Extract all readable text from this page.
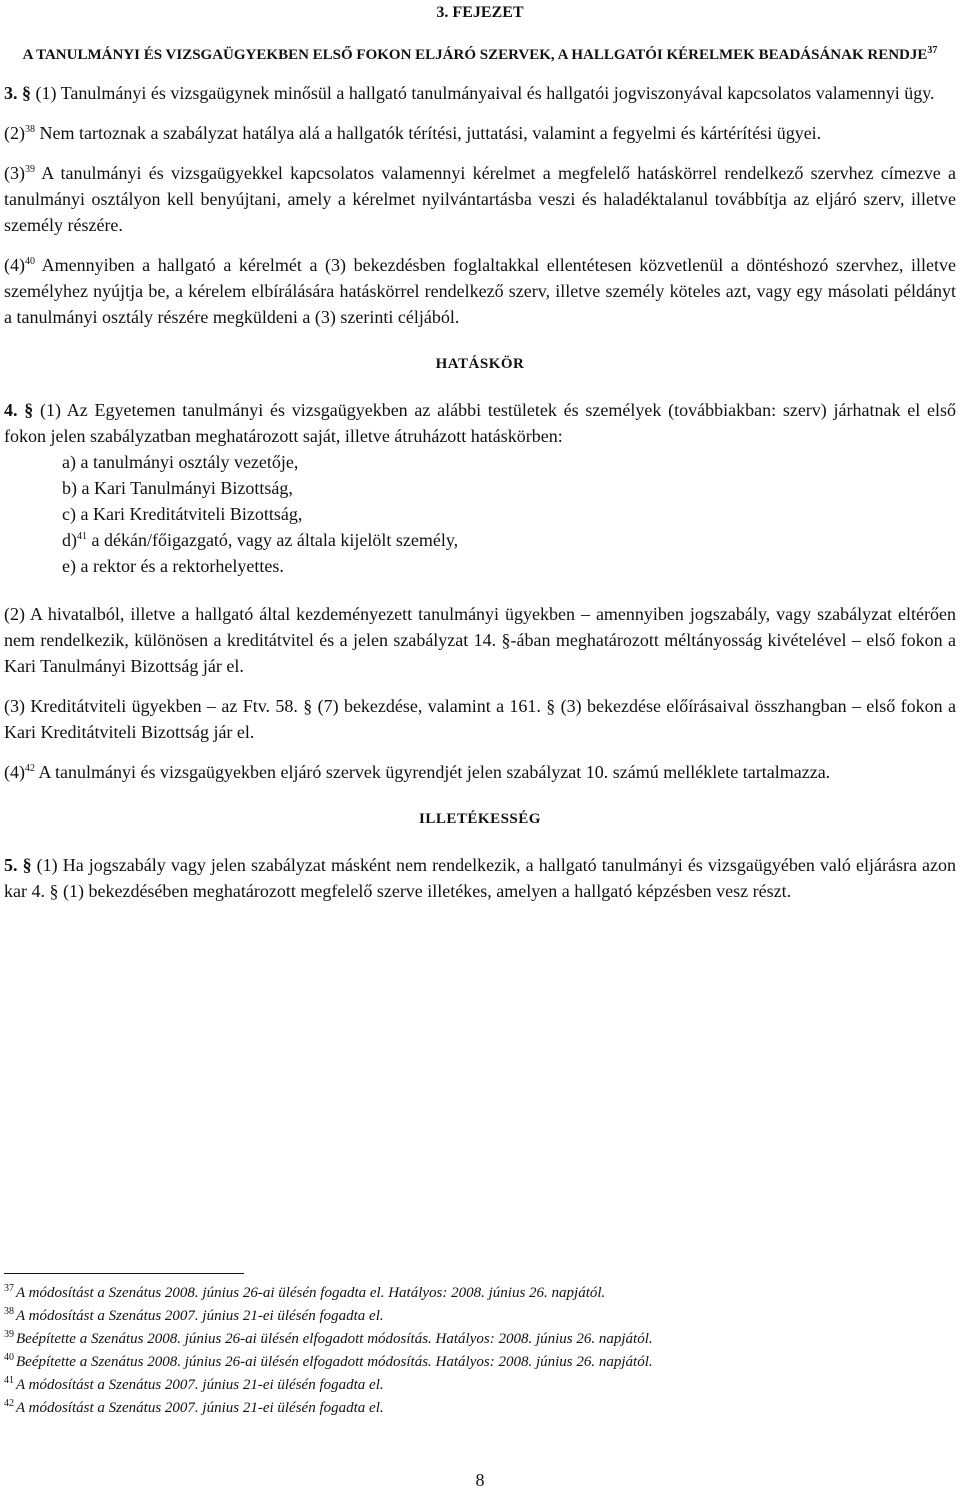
3. FEJEZET
A TANULMÁNYI ÉS VIZSGAÜGYEKBEN ELSŐ FOKON ELJÁRÓ SZERVEK, A HALLGATÓI KÉRELMEK BEADÁSÁNAK RENDJE$^{37}$

3. § (1) Tanulmányi és vizsgaügynek minősül a hallgató tanulmányaival és hallgatói jogviszonyával kapcsolatos valamennyi ügy.

$(2)^{38}$ Nem tartoznak a szabályzat hatálya alá a hallgatók térítési, juttatási, valamint a fegyelmi és kártérítési ügyei.

$(3)^{39}$ A tanulmányi és vizsgaügyekkel kapcsolatos valamennyi kérelmet a megfelelő hatáskörrel rendelkező szervhez címezve a tanulmányi osztályon kell benyújtani, amely a kérelmet nyilvántartásba veszi és haladéktalanul továbbítja az eljáró szerv, illetve személy részére.

$(4)^{40}$ Amennyiben a hallgató a kérelmét a (3) bekezdésben foglaltakkal ellentétesen közvetlenül a döntéshozó szervhez, illetve személyhez nyújtja be, a kérelem elbírálására hatáskörrel rendelkező szerv, illetve személy köteles azt, vagy egy másolati példányt a tanulmányi osztály részére megküldeni a (3) szerinti céljából.

HATÁSKÖR

4. § (1) Az Egyetemen tanulmányi és vizsgaügyekben az alábbi testületek és személyek (továbbiakban: szerv) járhatnak el első fokon jelen szabályzatban meghatározott saját, illetve átruházott hatáskörben:

a) a tanulmányi osztály vezetője,
b) a Kari Tanulmányi Bizottság,
c) a Kari Kreditátviteli Bizottság,
d)$^{41}$ a dékán/főigazgató, vagy az általa kijelölt személy,
e) a rektor és a rektorhelyettes.

(2) A hivatalból, illetve a hallgató által kezdeményezett tanulmányi ügyekben – amennyiben jogszabály, vagy szabályzat eltérően nem rendelkezik, különösen a kreditátvitel és a jelen szabályzat 14. §-ában meghatározott méltányosság kivételével – első fokon a Kari Tanulmányi Bizottság jár el.

(3) Kreditátviteli ügyekben – az Ftv. 58. § (7) bekezdése, valamint a 161. § (3) bekezdése előírásaival összhangban – első fokon a Kari Kreditátviteli Bizottság jár el.

$(4)^{42}$ A tanulmányi és vizsgaügyekben eljáró szervek ügyrendjét jelen szabályzat 10. számú melléklete tartalmazza.

ILLETÉKESSÉG

5. § (1) Ha jogszabály vagy jelen szabályzat másként nem rendelkezik, a hallgató tanulmányi és vizsgaügyében való eljárásra azon kar 4. § (1) bekezdésében meghatározott megfelelő szerve illetékes, amelyen a hallgató képzésben vesz részt.

$^{37}$ A módosítást a Szenátus 2008. június 26-ai ülésén fogadta el. Hatályos: 2008. június 26. napjától.
$^{38}$ A módosítást a Szenátus 2007. június 21-ei ülésén fogadta el.
$^{39}$ Beépítette a Szenátus 2008. június 26-ai ülésén elfogadott módosítás. Hatályos: 2008. június 26. napjától.
$^{40}$ Beépítette a Szenátus 2008. június 26-ai ülésén elfogadott módosítás. Hatályos: 2008. június 26. napjától.
$^{41}$ A módosítást a Szenátus 2007. június 21-ei ülésén fogadta el.
$^{42}$ A módosítást a Szenátus 2007. június 21-ei ülésén fogadta el.
8
